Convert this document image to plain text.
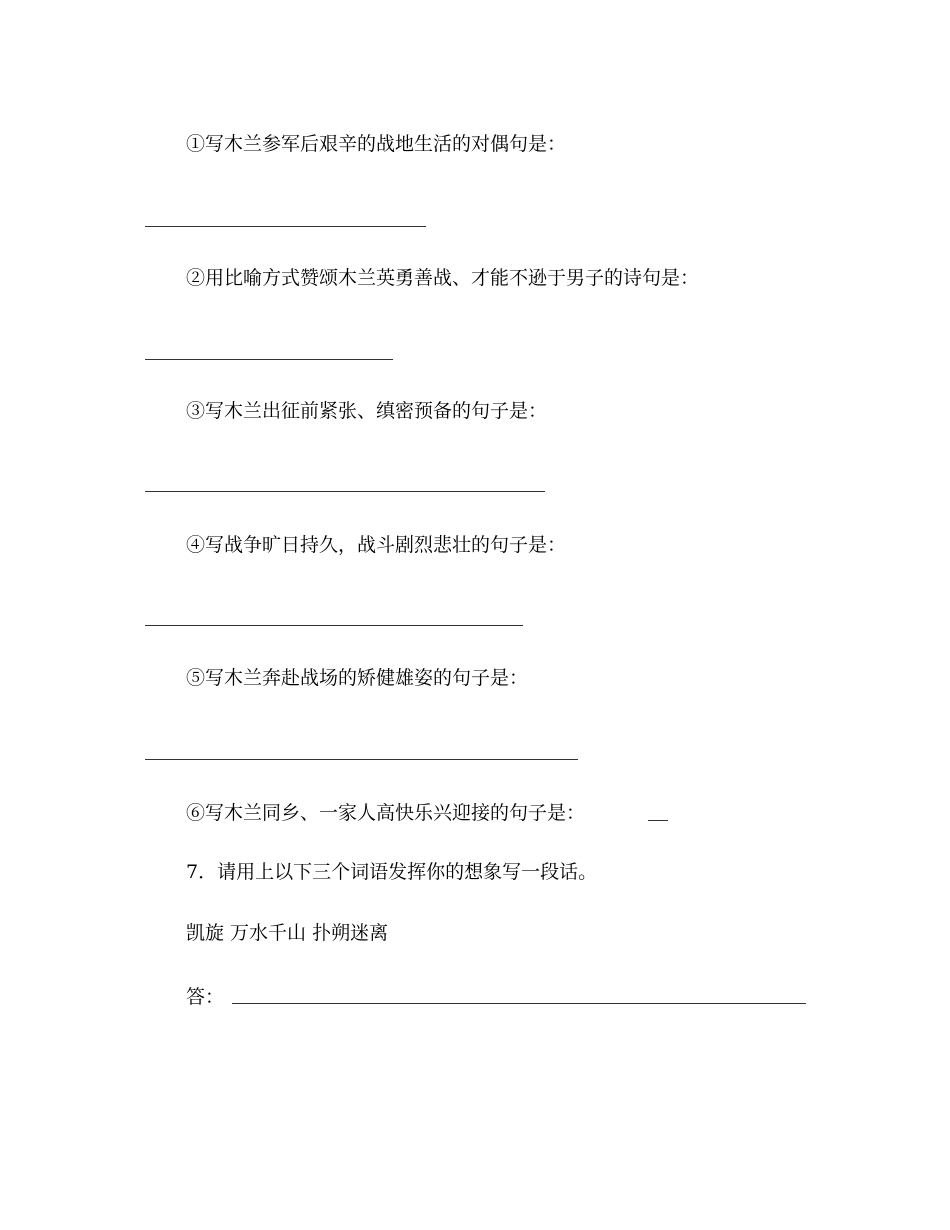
①写木兰参军后艰辛的战地生活的对偶句是：
②用比喻方式赞颂木兰英勇善战、才能不逊于男子的诗句是：
③写木兰出征前紧张、缜密预备的句子是：
④写战争旷日持久，战斗剧烈悲壮的句子是：
⑤写木兰奔赴战场的矫健雄姿的句子是：
⑥写木兰同乡、一家人高快乐兴迎接的句子是：
7．请用上以下三个词语发挥你的想象写一段话。
凯旋 万水千山 扑朔迷离
答：
